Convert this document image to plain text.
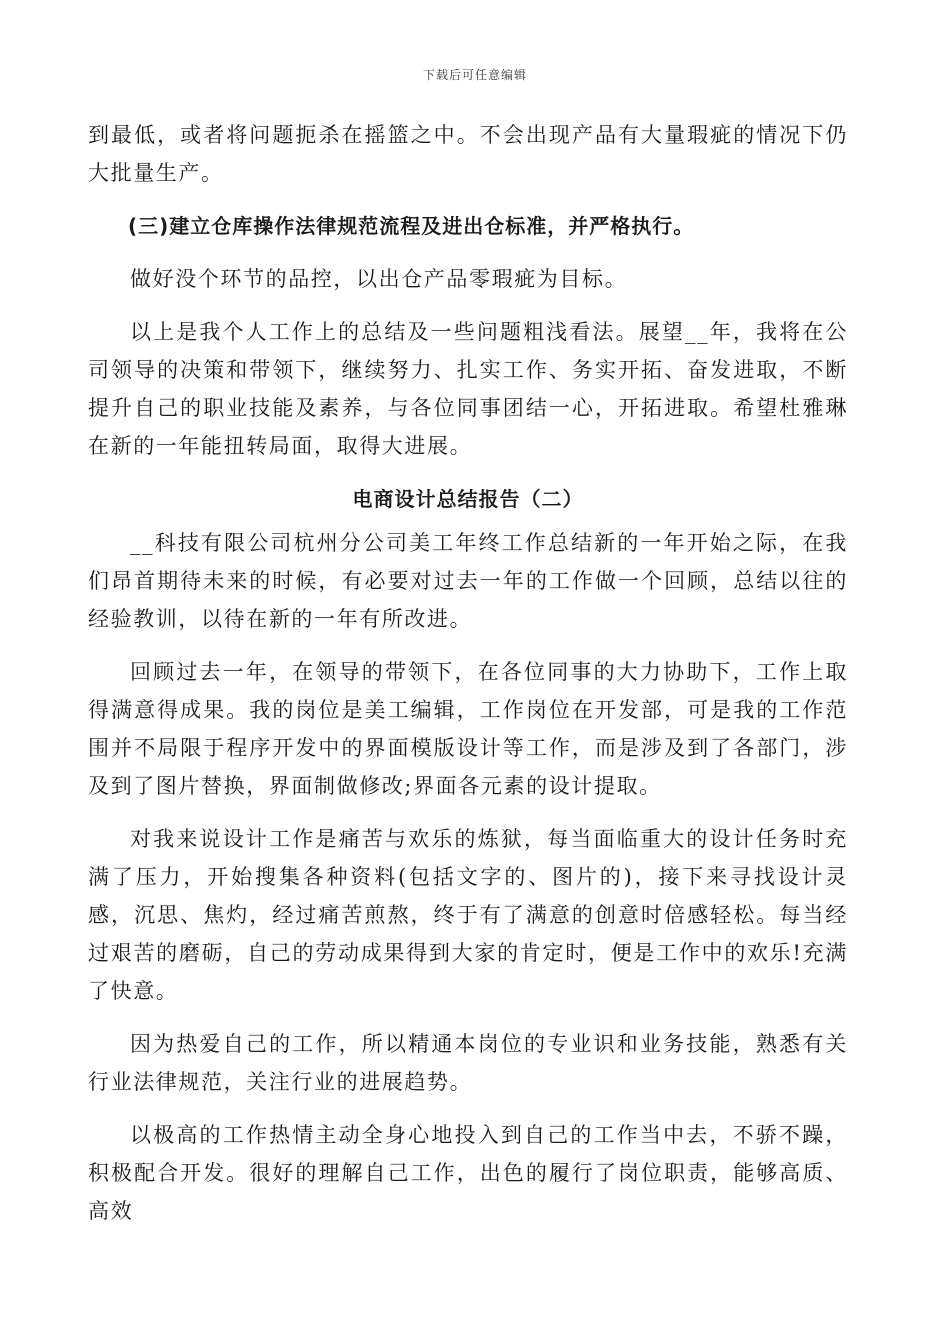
下载后可任意编辑

到最低，或者将问题扼杀在摇篮之中。不会出现产品有大量瑕疵的情况下仍大批量生产。

(三)建立仓库操作法律规范流程及进出仓标准，并严格执行。

做好没个环节的品控，以出仓产品零瑕疵为目标。

以上是我个人工作上的总结及一些问题粗浅看法。展望__年，我将在公司领导的决策和带领下，继续努力、扎实工作、务实开拓、奋发进取，不断提升自己的职业技能及素养，与各位同事团结一心，开拓进取。希望杜雅琳在新的一年能扭转局面，取得大进展。

电商设计总结报告（二）

__科技有限公司杭州分公司美工年终工作总结新的一年开始之际，在我们昂首期待未来的时候，有必要对过去一年的工作做一个回顾，总结以往的经验教训，以待在新的一年有所改进。

回顾过去一年，在领导的带领下，在各位同事的大力协助下，工作上取得满意得成果。我的岗位是美工编辑，工作岗位在开发部，可是我的工作范围并不局限于程序开发中的界面模版设计等工作，而是涉及到了各部门，涉及到了图片替换，界面制做修改;界面各元素的设计提取。

对我来说设计工作是痛苦与欢乐的炼狱，每当面临重大的设计任务时充满了压力，开始搜集各种资料(包括文字的、图片的)，接下来寻找设计灵感，沉思、焦灼，经过痛苦煎熬，终于有了满意的创意时倍感轻松。每当经过艰苦的磨砺，自己的劳动成果得到大家的肯定时，便是工作中的欢乐!充满了快意。

因为热爱自己的工作，所以精通本岗位的专业识和业务技能，熟悉有关行业法律规范，关注行业的进展趋势。

以极高的工作热情主动全身心地投入到自己的工作当中去，不骄不躁，积极配合开发。很好的理解自己工作，出色的履行了岗位职责，能够高质、高效
